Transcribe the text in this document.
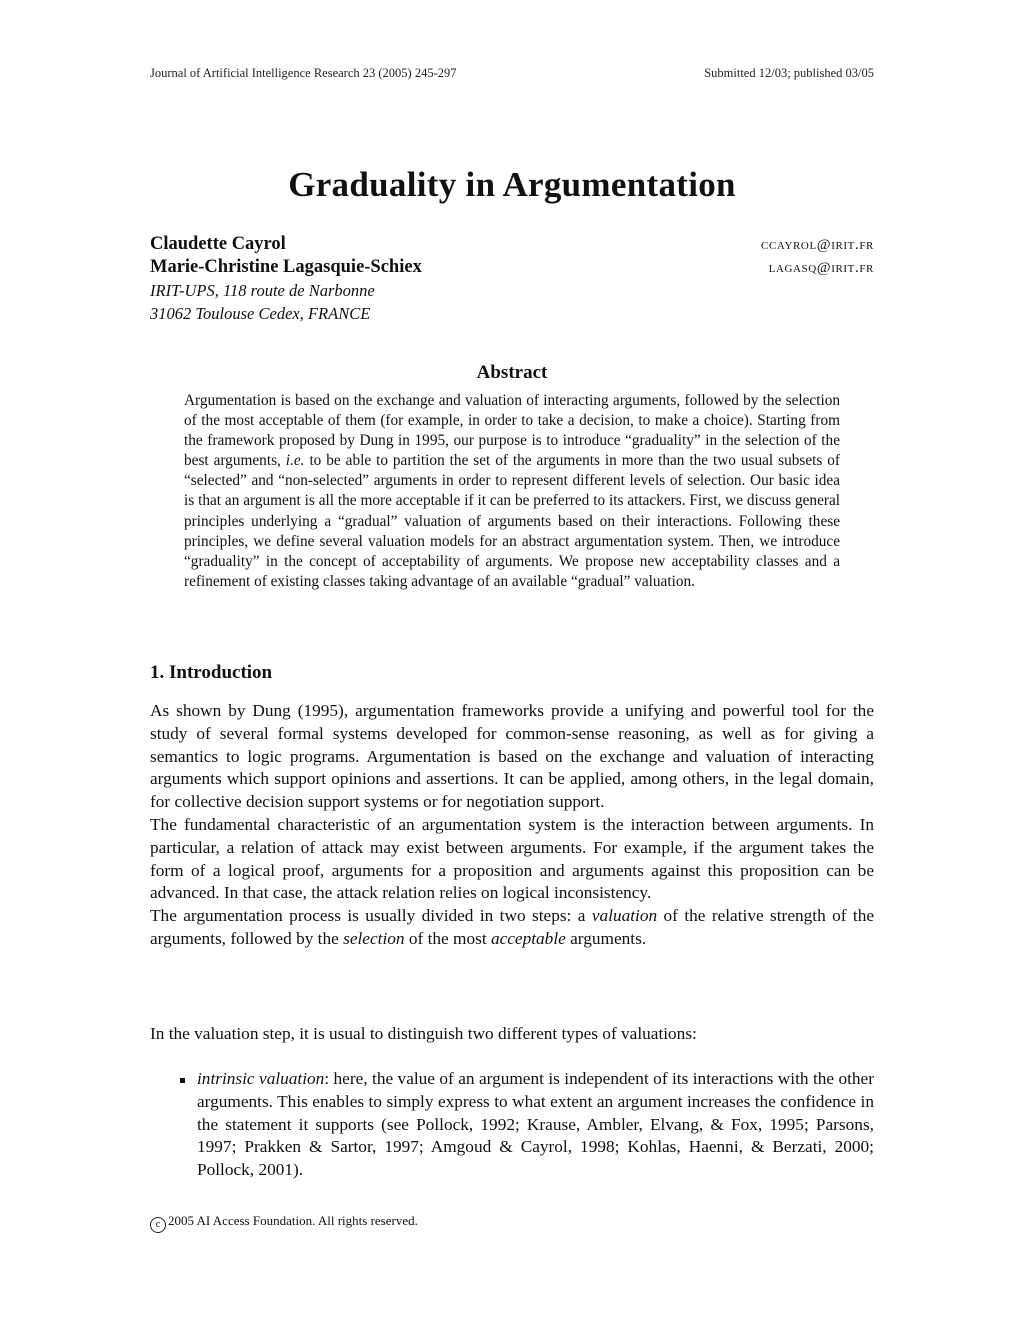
Journal of Artificial Intelligence Research 23 (2005) 245-297	Submitted 12/03; published 03/05
Graduality in Argumentation
Claudette Cayrol	ccayrol@irit.fr
Marie-Christine Lagasquie-Schiex	lagasq@irit.fr
IRIT-UPS, 118 route de Narbonne
31062 Toulouse Cedex, FRANCE
Abstract
Argumentation is based on the exchange and valuation of interacting arguments, followed by the selection of the most acceptable of them (for example, in order to take a decision, to make a choice). Starting from the framework proposed by Dung in 1995, our purpose is to introduce “graduality” in the selection of the best arguments, i.e. to be able to partition the set of the arguments in more than the two usual subsets of “selected” and “non-selected” arguments in order to represent different levels of selection. Our basic idea is that an argument is all the more acceptable if it can be preferred to its attackers. First, we discuss general principles underlying a “gradual” valuation of arguments based on their interactions. Following these principles, we define several valuation models for an abstract argumentation system. Then, we introduce “graduality” in the concept of acceptability of arguments. We propose new acceptability classes and a refinement of existing classes taking advantage of an available “gradual” valuation.
1. Introduction

As shown by Dung (1995), argumentation frameworks provide a unifying and powerful tool for the study of several formal systems developed for common-sense reasoning, as well as for giving a semantics to logic programs. Argumentation is based on the exchange and valuation of interacting arguments which support opinions and assertions. It can be applied, among others, in the legal domain, for collective decision support systems or for negotiation support.

The fundamental characteristic of an argumentation system is the interaction between arguments. In particular, a relation of attack may exist between arguments. For example, if the argument takes the form of a logical proof, arguments for a proposition and arguments against this proposition can be advanced. In that case, the attack relation relies on logical inconsistency.

The argumentation process is usually divided in two steps: a valuation of the relative strength of the arguments, followed by the selection of the most acceptable arguments.

In the valuation step, it is usual to distinguish two different types of valuations:
intrinsic valuation: here, the value of an argument is independent of its interactions with the other arguments. This enables to simply express to what extent an argument increases the confidence in the statement it supports (see Pollock, 1992; Krause, Ambler, Elvang, & Fox, 1995; Parsons, 1997; Prakken & Sartor, 1997; Amgoud & Cayrol, 1998; Kohlas, Haenni, & Berzati, 2000; Pollock, 2001).
c 2005 AI Access Foundation. All rights reserved.
